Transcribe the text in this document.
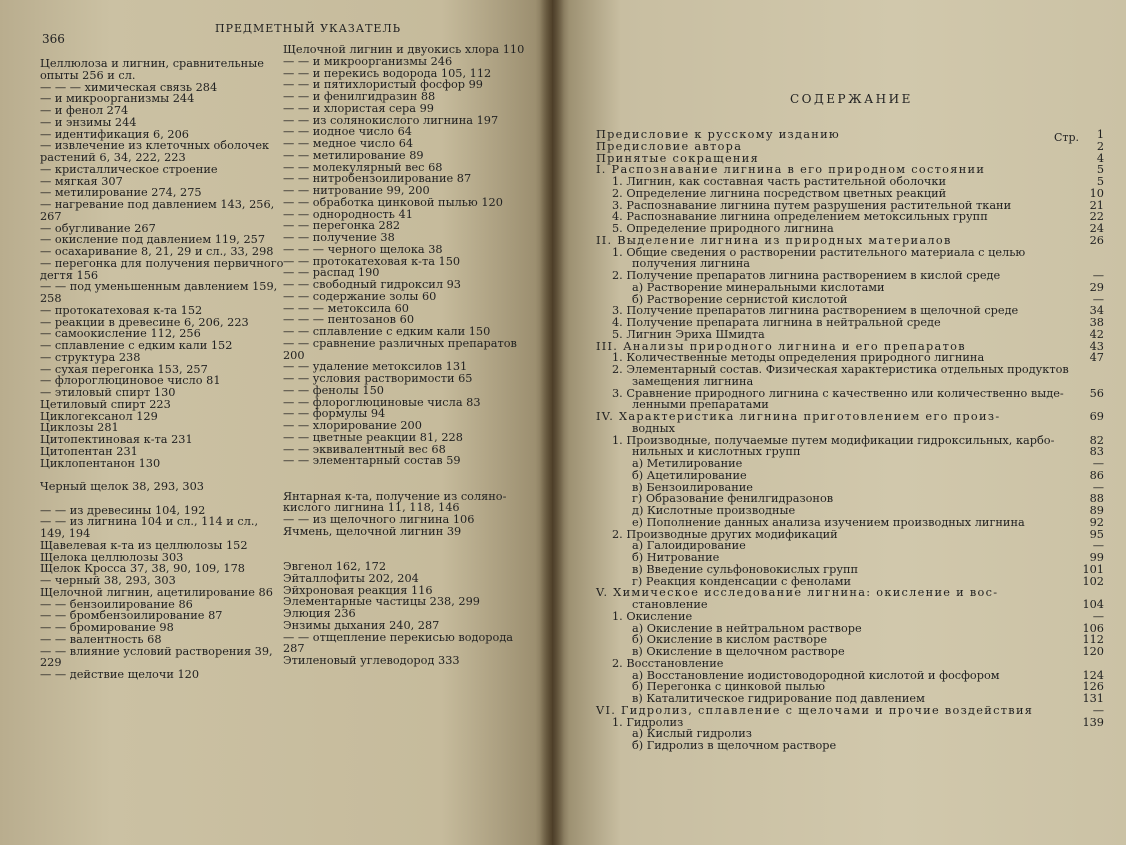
366
ПРЕДМЕТНЫЙ УКАЗАТЕЛЬ
Целлюлоза и лигнин, сравнительные
опыты 256 и сл.
— — — химическая связь 284
— и микроорганизмы 244
— и фенол 274
— и энзимы 244
— идентификация 6, 206
— извлечение из клеточных оболочек
растений 6, 34, 222, 223
— кристаллическое строение
— мягкая 307
— метилирование 274, 275
— нагревание под давлением 143, 256,
267
— обугливание 267
— окисление под давлением 119, 257
— осахаривание 8, 21, 29 и сл., 33, 298
— перегонка для получения первичного
дегтя 156
— — под уменьшенным давлением 159,
258
— протокатеховая к-та 152
— реакции в древесине 6, 206, 223
— самоокисление 112, 256
— сплавление с едким кали 152
— структура 238
— сухая перегонка 153, 257
— флороглюциновое число 81
— этиловый спирт 130
Цетиловый спирт 223
Циклогексанол 129
Циклозы 281
Цитопектиновая к-та 231
Цитопентан 231
Циклопентанон 130

Черный щелок 38, 293, 303

— — из древесины 104, 192
— — из лигнина 104 и сл., 114 и сл.,
149, 194
Щавелевая к-та из целлюлозы 152
Щелока целлюлозы 303
Щелок Кросса 37, 38, 90, 109, 178
— черный 38, 293, 303
Щелочной лигнин, ацетилирование 86
— — бензоилирование 86
— — бромбензоилирование 87
— — бромирование 98
— — валентность 68
— — влияние условий растворения 39,
229
— — действие щелочи 120
Щелочной лигнин и двуокись хлора 110
— — и микроорганизмы 246
— — и перекись водорода 105, 112
— — и пятихлористый фосфор 99
— — и фенилгидразин 88
— — и хлористая сера 99
— — из солянокислого лигнина 197
— — иодное число 64
— — медное число 64
— — метилирование 89
— — молекулярный вес 68
— — нитробензоилирование 87
— — нитрование 99, 200
— — обработка цинковой пылью 120
— — однородность 41
— — перегонка 282
— — получение 38
— — — черного щелока 38
— — протокатеховая к-та 150
— — распад 190
— — свободный гидроксил 93
— — содержание золы 60
— — — метоксила 60
— — — пентозанов 60
— — сплавление с едким кали 150
— — сравнение различных препаратов
200
— — удаление метоксилов 131
— — условия растворимости 65
— — фенолы 150
— — флороглюциновые числа 83
— — формулы 94
— — хлорирование 200
— — цветные реакции 81, 228
— — эквивалентный вес 68
— — элементарный состав 59

Янтарная к-та, получение из соляно-
кислого лигнина 11, 118, 146
— — из щелочного лигнина 106
Ячмень, щелочной лигнин 39

Эвгенол 162, 172
Эйталлофиты 202, 204
Эйхроновая реакция 116
Элементарные частицы 238, 299
Элюция 236
Энзимы дыхания 240, 287
— — отщепление перекисью водорода
287
Этиленовый углеводород 333
СОДЕРЖАНИЕ
Стр.
Предисловие к русскому изданию	1
Предисловие автора	2
Принятые сокращения	4
I. Распознавание лигнина в его природном состоянии	5
1. Лигнин, как составная часть растительной оболочки	5
2. Определение лигнина посредством цветных реакций	10
3. Распознавание лигнина путем разрушения растительной ткани	21
4. Распознавание лигнина определением метоксильных групп	22
5. Определение природного лигнина	24
II. Выделение лигнина из природных материалов	26
1. Общие сведения о растворении растительного материала с целью
получения лигнина
2. Получение препаратов лигнина растворением в кислой среде	—
а) Растворение минеральными кислотами	29
б) Растворение сернистой кислотой	—
3. Получение препаратов лигнина растворением в щелочной среде	34
4. Получение препарата лигнина в нейтральной среде	38
5. Лигнин Эриха Шмидта	42
III. Анализы природного лигнина и его препаратов	43
1. Количественные методы определения природного лигнина	47
2. Элементарный состав. Физическая характеристика отдельных продуктов
замещения лигнина
3. Сравнение природного лигнина с качественно или количественно выде- 56
ленными препаратами
IV. Характеристика лигнина приготовлением его произ-	69
водных
1. Производные, получаемые путем модификации гидроксильных, карбо-	82
нильных и кислотных групп	83
а) Метилирование	—
б) Ацетилирование	86
в) Бензоилирование	—
г) Образование фенилгидразонов	88
д) Кислотные производные	89
е) Пополнение данных анализа изучением производных лигнина	92
2. Производные других модификаций	95
а) Галоидирование	—
б) Нитрование	99
в) Введение сульфоновокислых групп	101
г) Реакция конденсации с фенолами	102
V. Химическое исследование лигнина: окисление и вос-
становление	104
1. Окисление	—
а) Окисление в нейтральном растворе	106
б) Окисление в кислом растворе	112
в) Окисление в щелочном растворе	120
2. Восстановление
а) Восстановление иодистоводородной кислотой и фосфором	124
б) Перегонка с цинковой пылью	126
в) Каталитическое гидрирование под давлением	131
VI. Гидролиз, сплавление с щелочами и прочие воздействия	—
1. Гидролиз	139
а) Кислый гидролиз
б) Гидролиз в щелочном растворе
